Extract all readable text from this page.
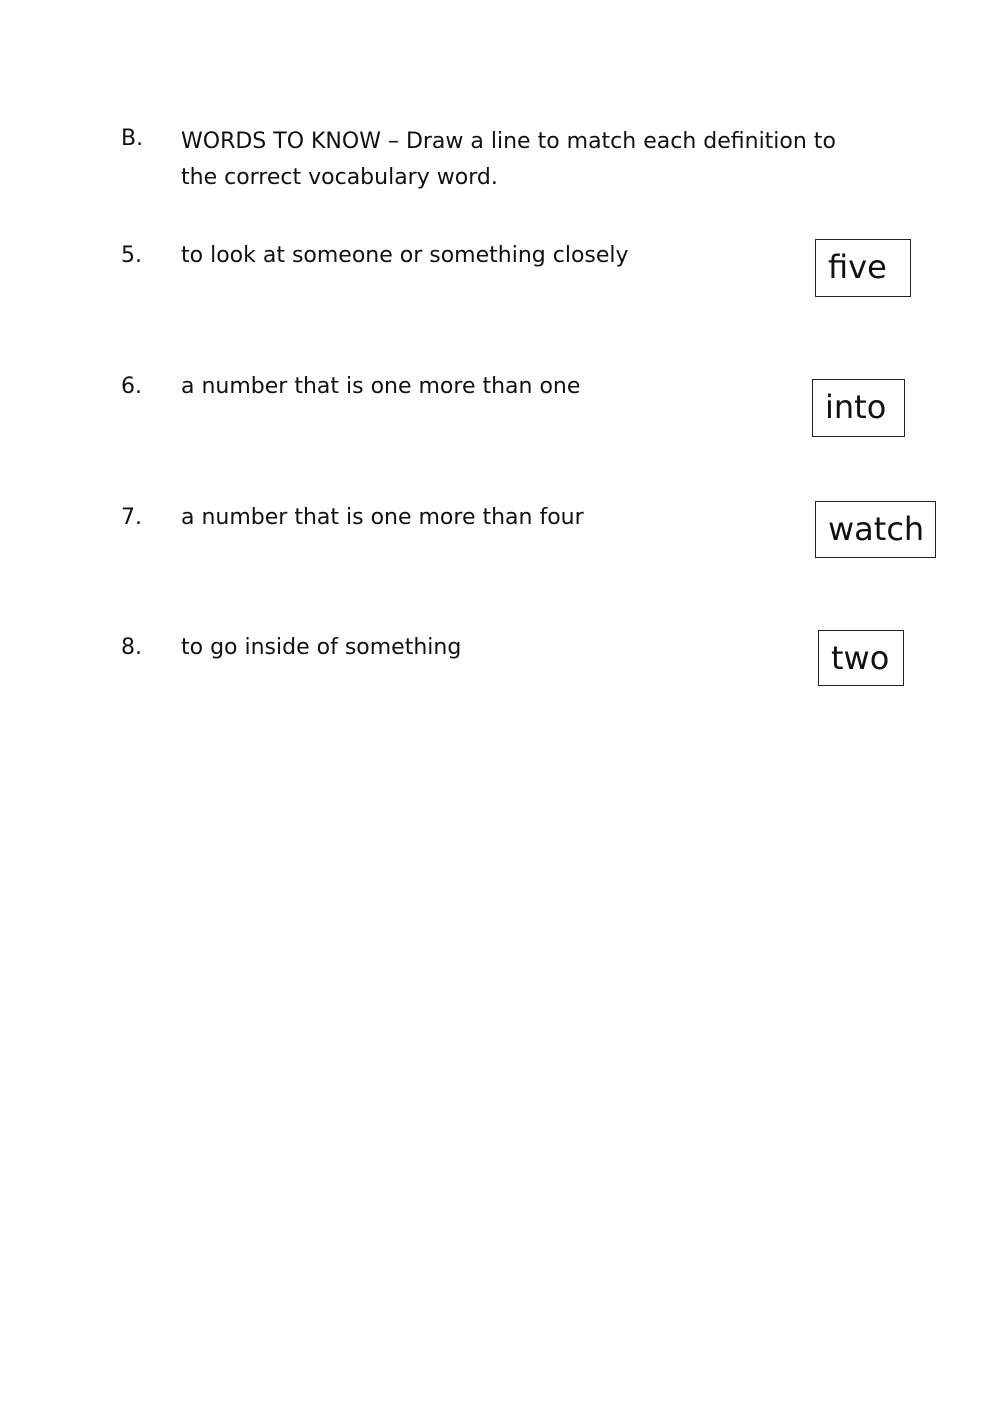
B. WORDS TO KNOW – Draw a line to match each definition to the correct vocabulary word.
5. to look at someone or something closely
6. a number that is one more than one
7. a number that is one more than four
8. to go inside of something
five
into
watch
two
